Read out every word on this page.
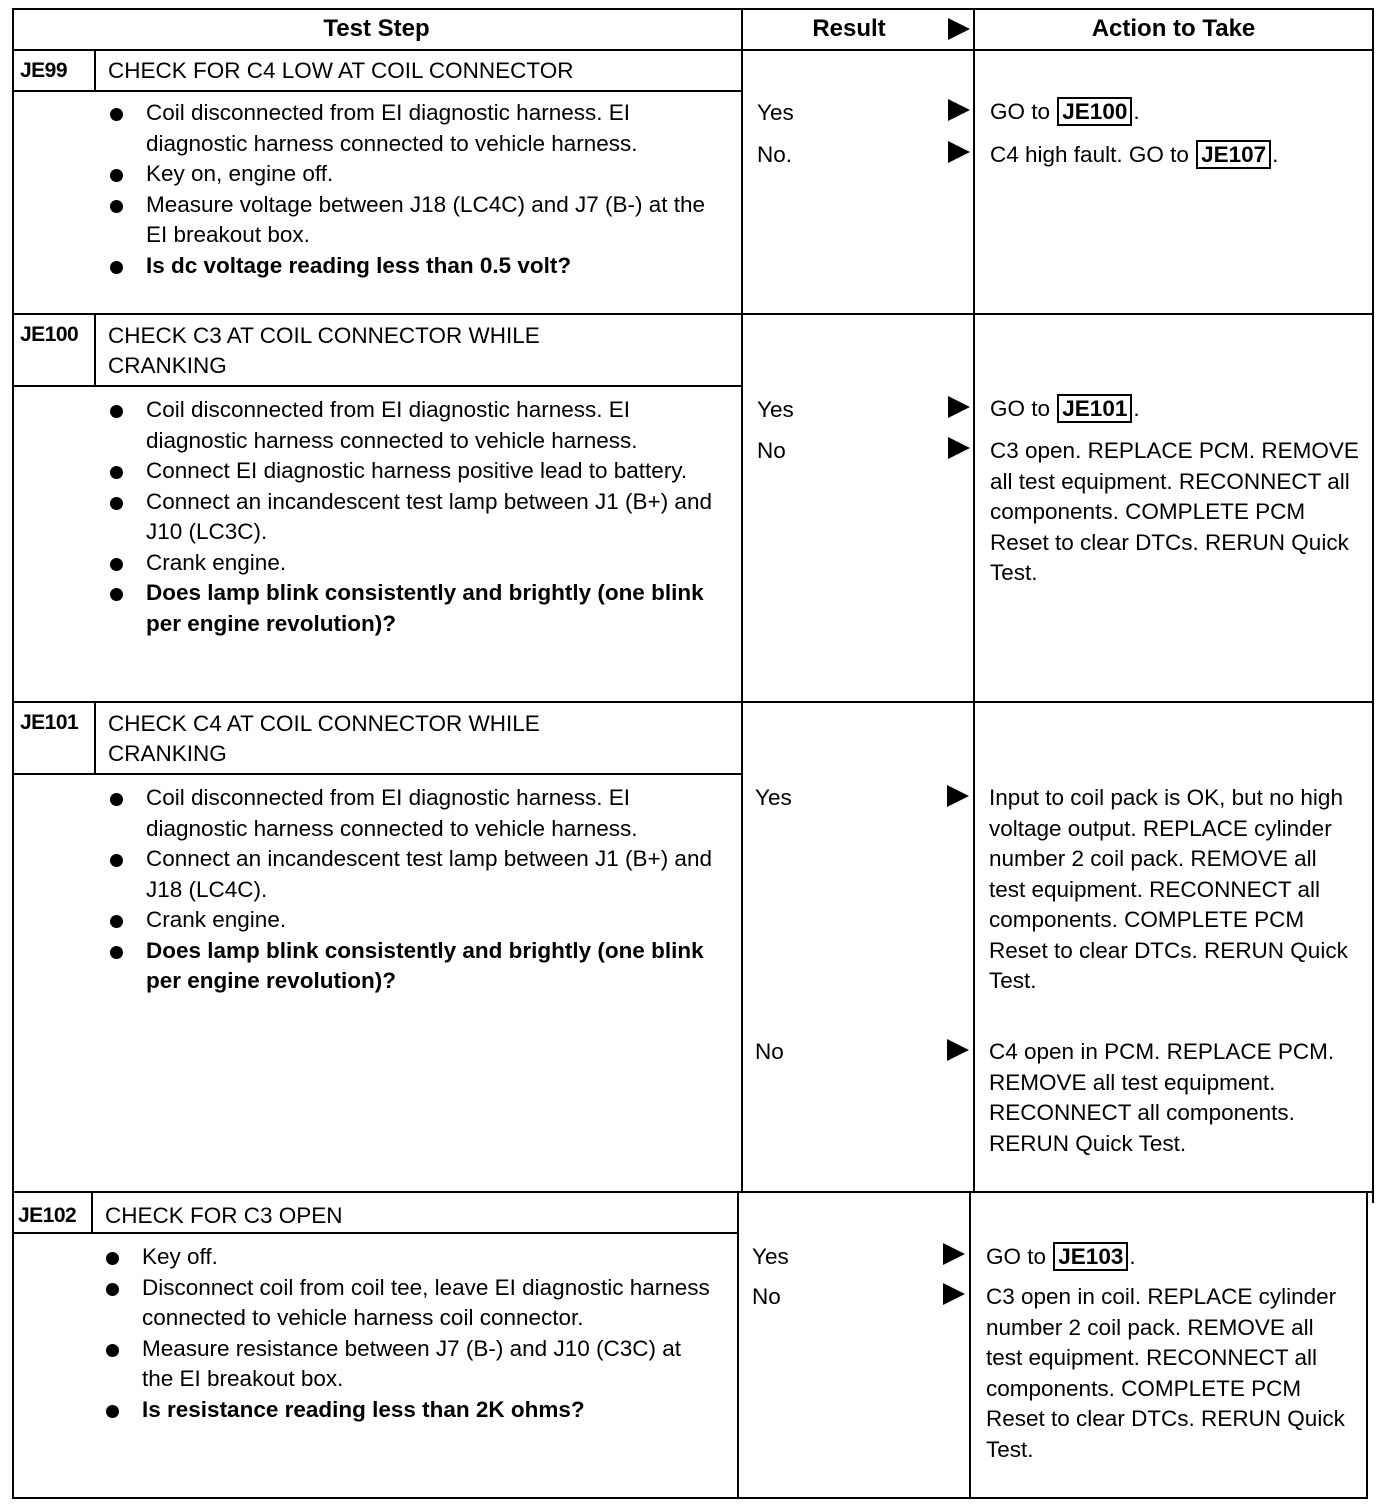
Test Step	Result	Action to Take
JE99 CHECK FOR C4 LOW AT COIL CONNECTOR
Coil disconnected from EI diagnostic harness. EI diagnostic harness connected to vehicle harness.
Key on, engine off.
Measure voltage between J18 (LC4C) and J7 (B-) at the EI breakout box.
Is dc voltage reading less than 0.5 volt?
Yes
No.
GO to JE100 .
C4 high fault. GO to JE107 .
JE100 CHECK C3 AT COIL CONNECTOR WHILE CRANKING
Coil disconnected from EI diagnostic harness. EI diagnostic harness connected to vehicle harness.
Connect EI diagnostic harness positive lead to battery.
Connect an incandescent test lamp between J1 (B+) and J10 (LC3C).
Crank engine.
Does lamp blink consistently and brightly (one blink per engine revolution)?
Yes
No
GO to JE101 .
C3 open. REPLACE PCM. REMOVE all test equipment. RECONNECT all components. COMPLETE PCM Reset to clear DTCs. RERUN Quick Test.
JE101 CHECK C4 AT COIL CONNECTOR WHILE CRANKING
Coil disconnected from EI diagnostic harness. EI diagnostic harness connected to vehicle harness.
Connect an incandescent test lamp between J1 (B+) and J18 (LC4C).
Crank engine.
Does lamp blink consistently and brightly (one blink per engine revolution)?
Yes
No
Input to coil pack is OK, but no high voltage output. REPLACE cylinder number 2 coil pack. REMOVE all test equipment. RECONNECT all components. COMPLETE PCM Reset to clear DTCs. RERUN Quick Test.
C4 open in PCM. REPLACE PCM. REMOVE all test equipment. RECONNECT all components. RERUN Quick Test.
JE102 CHECK FOR C3 OPEN
Key off.
Disconnect coil from coil tee, leave EI diagnostic harness connected to vehicle harness coil connector.
Measure resistance between J7 (B-) and J10 (C3C) at the EI breakout box.
Is resistance reading less than 2K ohms?
Yes
No
GO to JE103 .
C3 open in coil. REPLACE cylinder number 2 coil pack. REMOVE all test equipment. RECONNECT all components. COMPLETE PCM Reset to clear DTCs. RERUN Quick Test.
